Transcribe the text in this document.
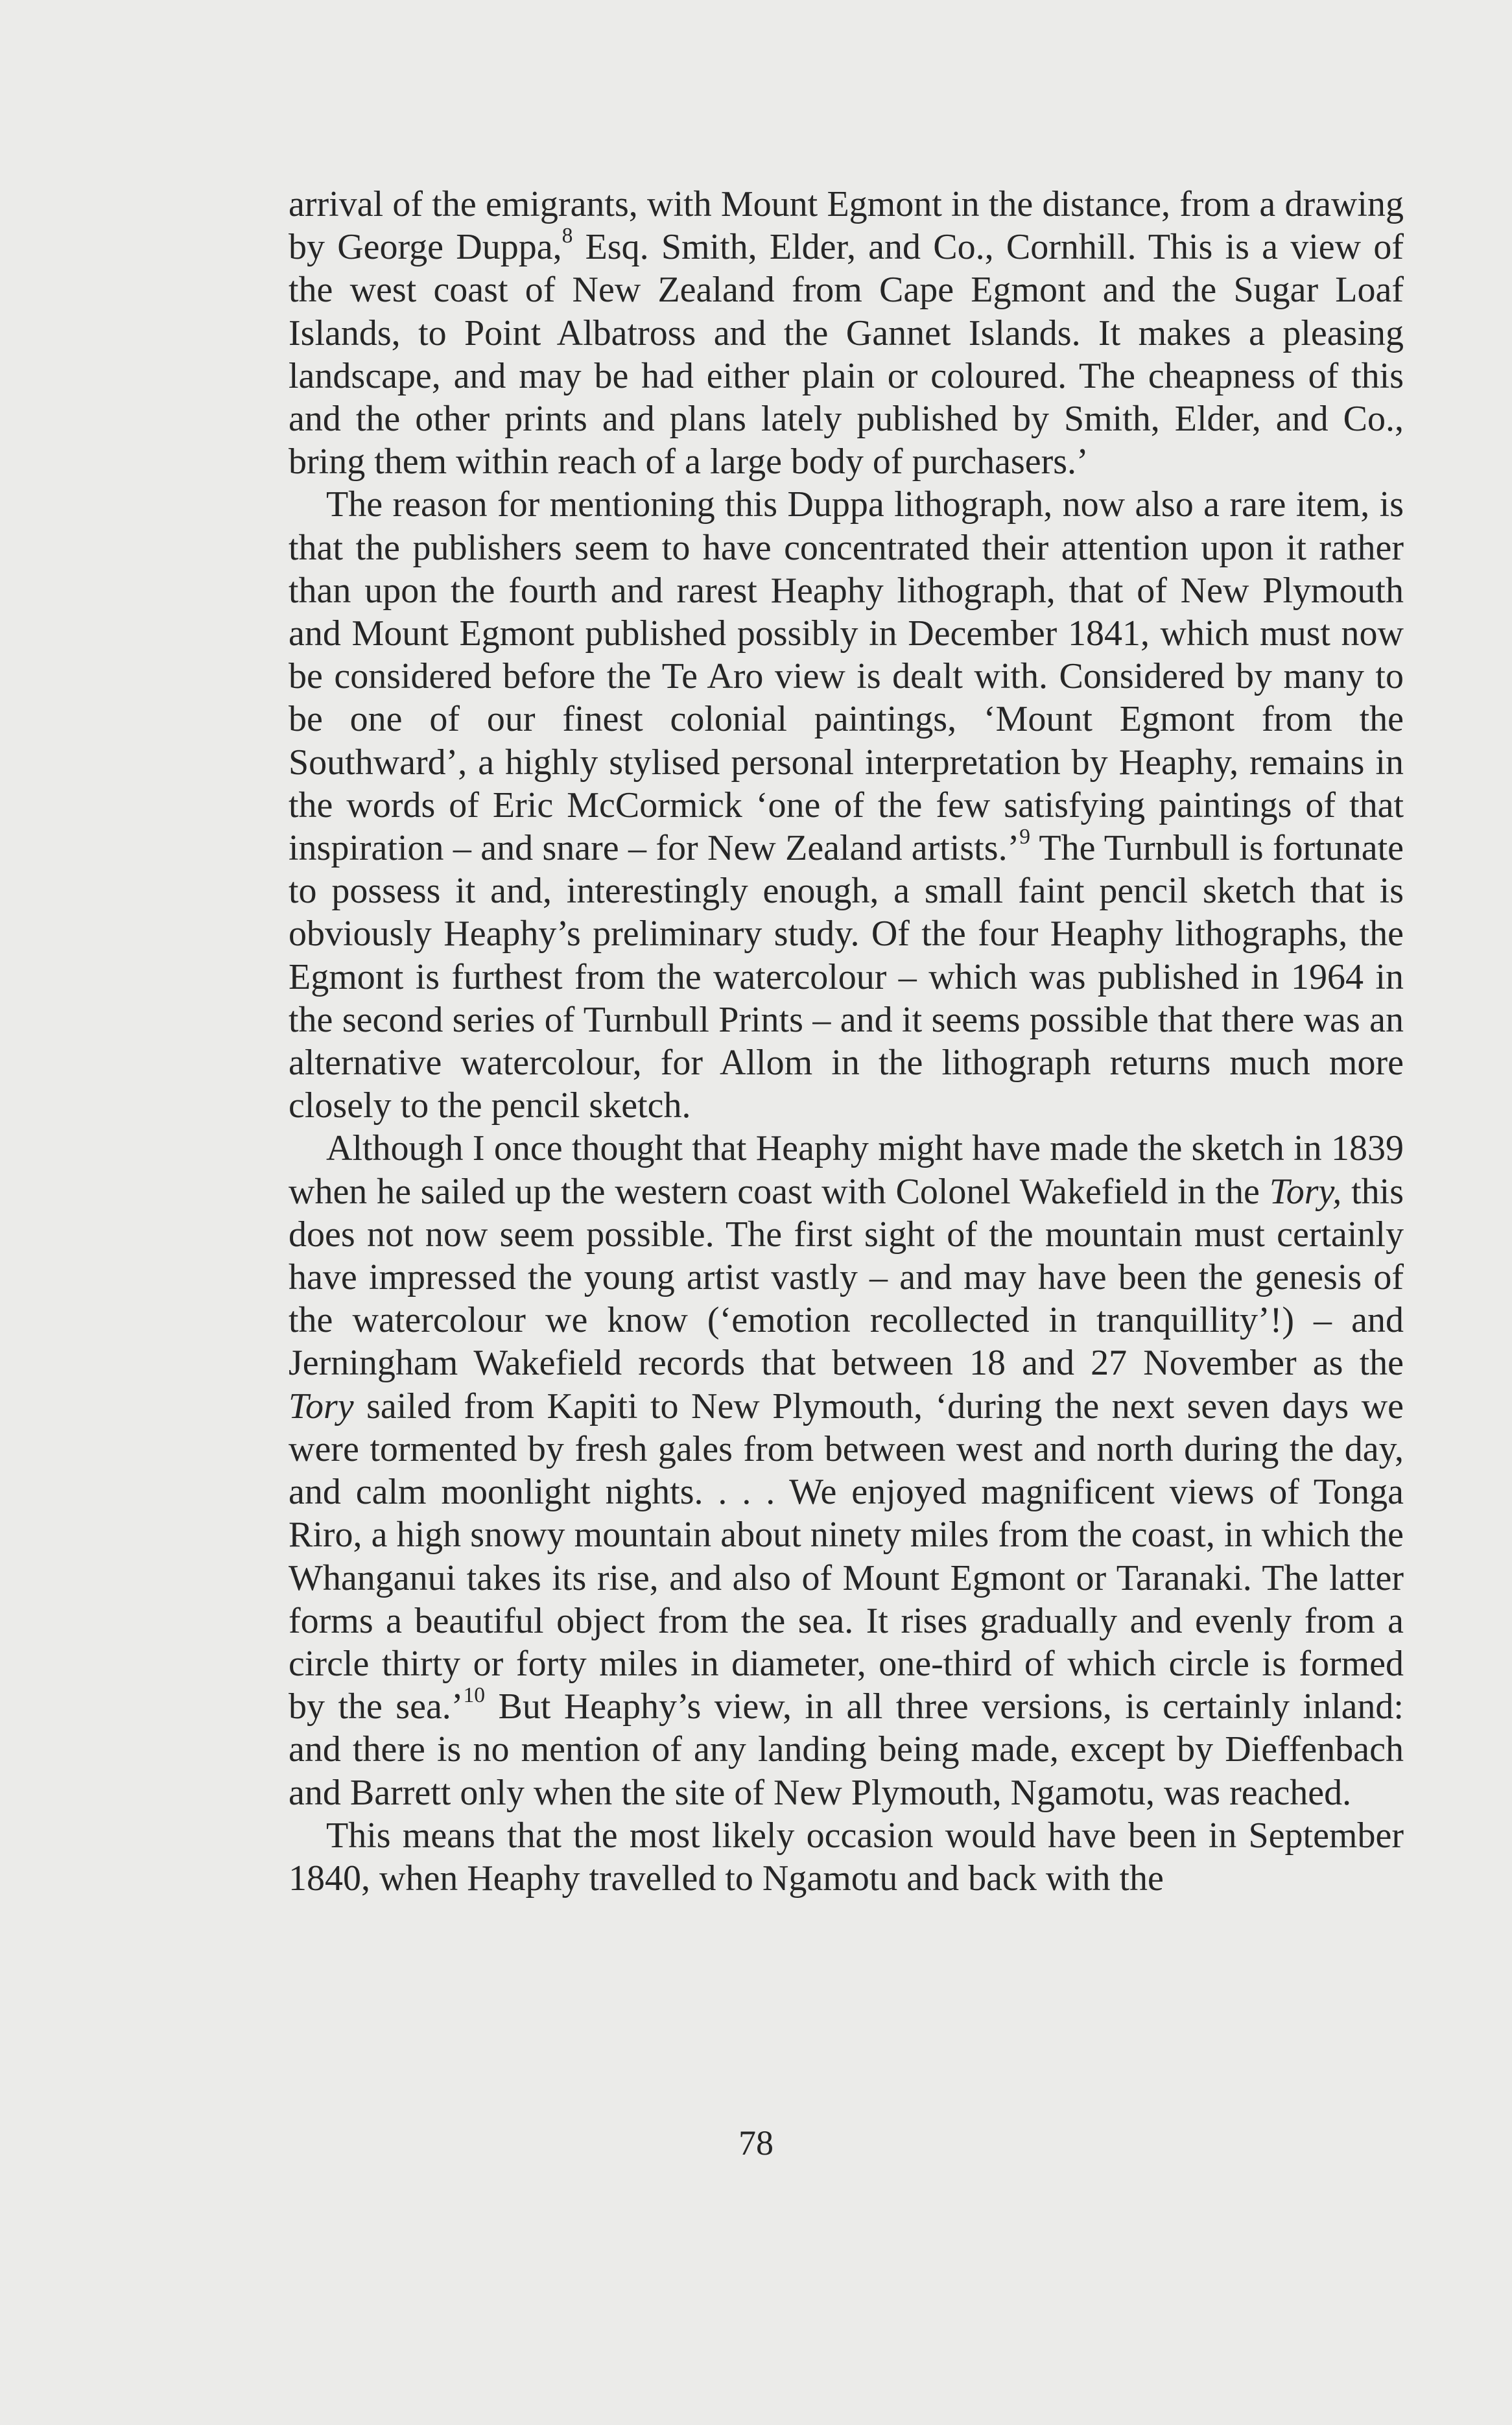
arrival of the emigrants, with Mount Egmont in the distance, from a drawing by George Duppa,$^8$ Esq. Smith, Elder, and Co., Cornhill. This is a view of the west coast of New Zealand from Cape Egmont and the Sugar Loaf Islands, to Point Albatross and the Gannet Islands. It makes a pleasing landscape, and may be had either plain or coloured. The cheapness of this and the other prints and plans lately published by Smith, Elder, and Co., bring them within reach of a large body of purchasers.’

The reason for mentioning this Duppa lithograph, now also a rare item, is that the publishers seem to have concentrated their attention upon it rather than upon the fourth and rarest Heaphy lithograph, that of New Plymouth and Mount Egmont published possibly in December 1841, which must now be considered before the Te Aro view is dealt with. Considered by many to be one of our finest colonial paintings, ‘Mount Egmont from the Southward’, a highly stylised personal interpretation by Heaphy, remains in the words of Eric McCormick ‘one of the few satisfying paintings of that inspiration – and snare – for New Zealand artists.’$^9$ The Turnbull is fortunate to possess it and, interestingly enough, a small faint pencil sketch that is obviously Heaphy’s preliminary study. Of the four Heaphy lithographs, the Egmont is furthest from the watercolour – which was published in 1964 in the second series of Turnbull Prints – and it seems possible that there was an alternative watercolour, for Allom in the lithograph returns much more closely to the pencil sketch.

Although I once thought that Heaphy might have made the sketch in 1839 when he sailed up the western coast with Colonel Wakefield in the Tory, this does not now seem possible. The first sight of the mountain must certainly have impressed the young artist vastly – and may have been the genesis of the watercolour we know (‘emotion recollected in tranquillity’!) – and Jerningham Wakefield records that between 18 and 27 November as the Tory sailed from Kapiti to New Plymouth, ‘during the next seven days we were tormented by fresh gales from between west and north during the day, and calm moonlight nights. . . . We enjoyed magnificent views of Tonga Riro, a high snowy mountain about ninety miles from the coast, in which the Whanganui takes its rise, and also of Mount Egmont or Taranaki. The latter forms a beautiful object from the sea. It rises gradually and evenly from a circle thirty or forty miles in diameter, one-third of which circle is formed by the sea.’$^{10}$ But Heaphy’s view, in all three versions, is certainly inland: and there is no mention of any landing being made, except by Dieffenbach and Barrett only when the site of New Plymouth, Ngamotu, was reached.

This means that the most likely occasion would have been in September 1840, when Heaphy travelled to Ngamotu and back with the

78
